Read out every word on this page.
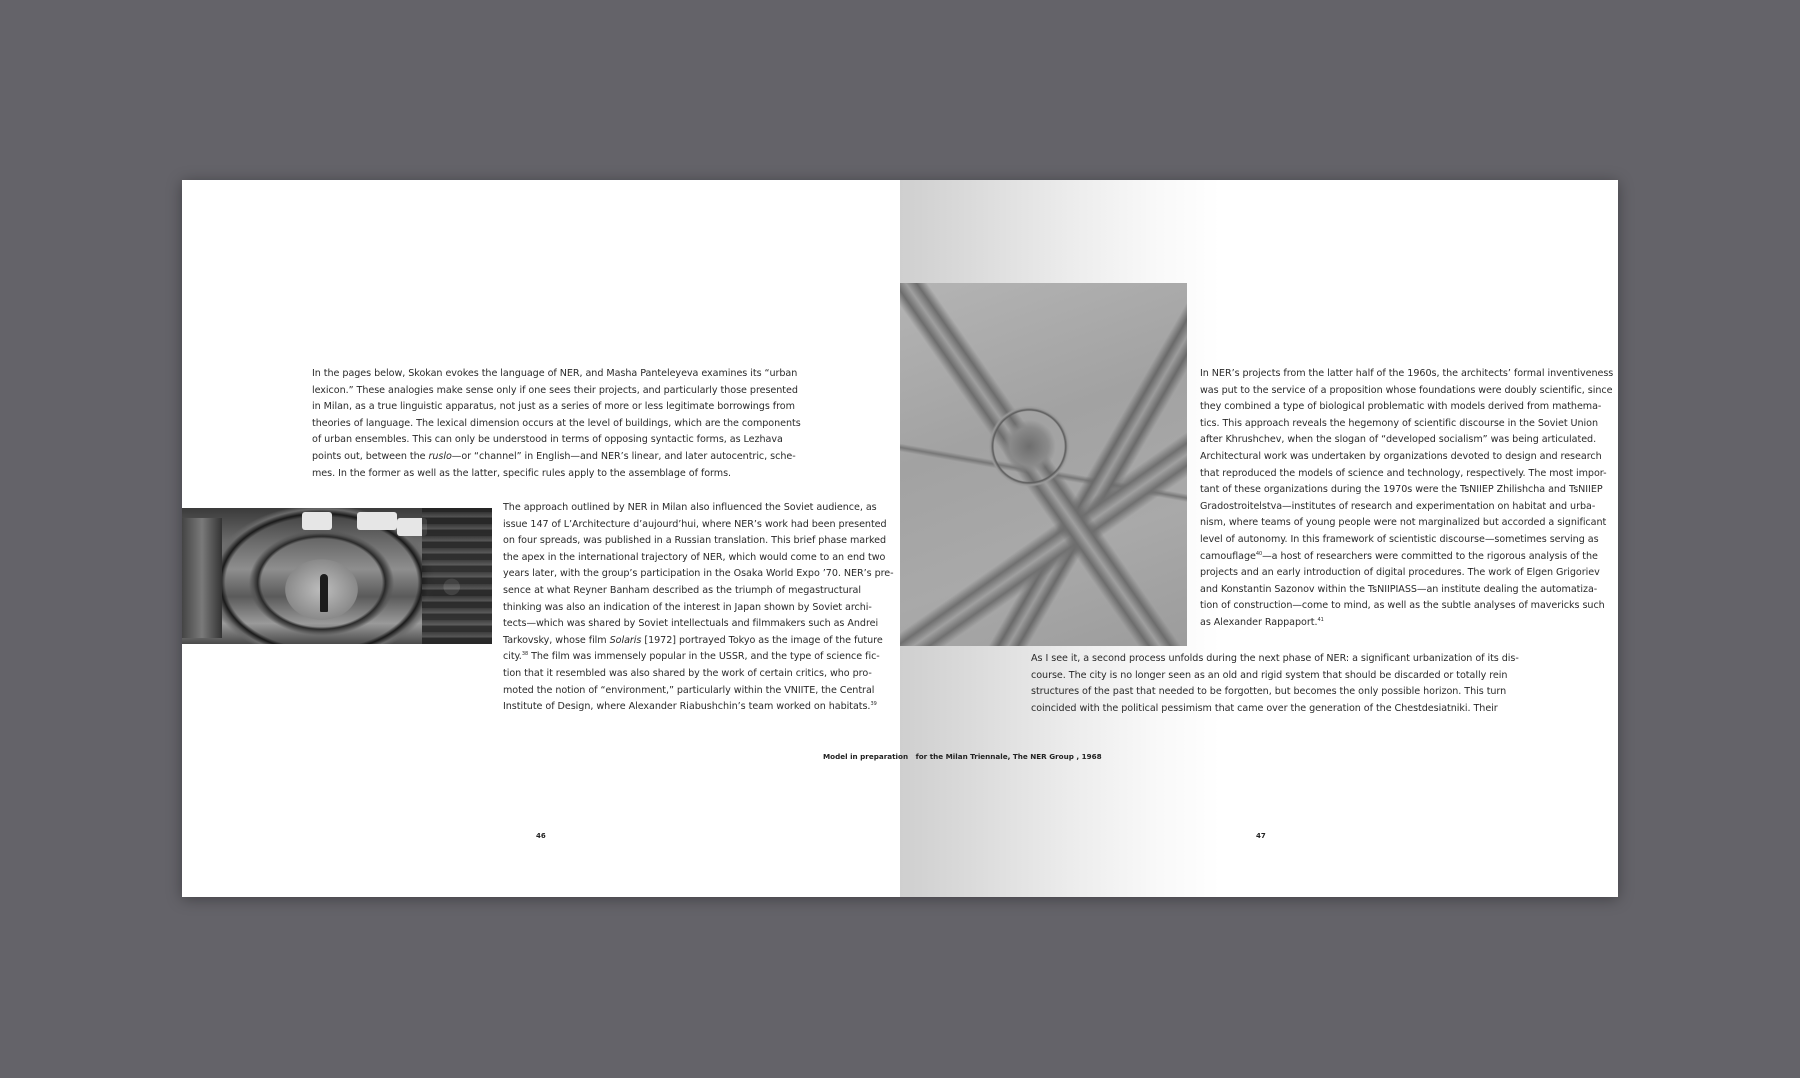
In the pages below, Skokan evokes the language of NER, and Masha Panteleyeva examines its “urban
lexicon.” These analogies make sense only if one sees their projects, and particularly those presented
in Milan, as a true linguistic apparatus, not just as a series of more or less legitimate borrowings from
theories of language. The lexical dimension occurs at the level of buildings, which are the components
of urban ensembles. This can only be understood in terms of opposing syntactic forms, as Lezhava
points out, between the ruslo—or “channel” in English—and NER’s linear, and later autocentric, sche-
mes. In the former as well as the latter, specific rules apply to the assemblage of forms.
The approach outlined by NER in Milan also influenced the Soviet audience, as
issue 147 of L’Architecture d’aujourd’hui, where NER’s work had been presented
on four spreads, was published in a Russian translation. This brief phase marked
the apex in the international trajectory of NER, which would come to an end two
years later, with the group’s participation in the Osaka World Expo ’70. NER’s pre-
sence at what Reyner Banham described as the triumph of megastructural
thinking was also an indication of the interest in Japan shown by Soviet archi-
tects—which was shared by Soviet intellectuals and filmmakers such as Andrei
Tarkovsky, whose film Solaris [1972] portrayed Tokyo as the image of the future
city.$^{38}$ The film was immensely popular in the USSR, and the type of science fic-
tion that it resembled was also shared by the work of certain critics, who pro-
moted the notion of “environment,” particularly within the VNIITE, the Central
Institute of Design, where Alexander Riabushchin’s team worked on habitats.$^{39}$
46
In NER’s projects from the latter half of the 1960s, the architects’ formal inventiveness
was put to the service of a proposition whose foundations were doubly scientific, since
they combined a type of biological problematic with models derived from mathema-
tics. This approach reveals the hegemony of scientific discourse in the Soviet Union
after Khrushchev, when the slogan of “developed socialism” was being articulated.
Architectural work was undertaken by organizations devoted to design and research
that reproduced the models of science and technology, respectively. The most impor-
tant of these organizations during the 1970s were the TsNIIEP Zhilishcha and TsNIIEP
Gradostroitelstva—institutes of research and experimentation on habitat and urba-
nism, where teams of young people were not marginalized but accorded a significant
level of autonomy. In this framework of scientistic discourse—sometimes serving as
camouflage$^{40}$—a host of researchers were committed to the rigorous analysis of the
projects and an early introduction of digital procedures. The work of Elgen Grigoriev
and Konstantin Sazonov within the TsNIIPIASS—an institute dealing the automatiza-
tion of construction—come to mind, as well as the subtle analyses of mavericks such
as Alexander Rappaport.$^{41}$
As I see it, a second process unfolds during the next phase of NER: a significant urbanization of its dis-
course. The city is no longer seen as an old and rigid system that should be discarded or totally rein
structures of the past that needed to be forgotten, but becomes the only possible horizon. This turn
coincided with the political pessimism that came over the generation of the Chestdesiatniki. Their
47
Model in preparation for the Milan Triennale, The NER Group , 1968
